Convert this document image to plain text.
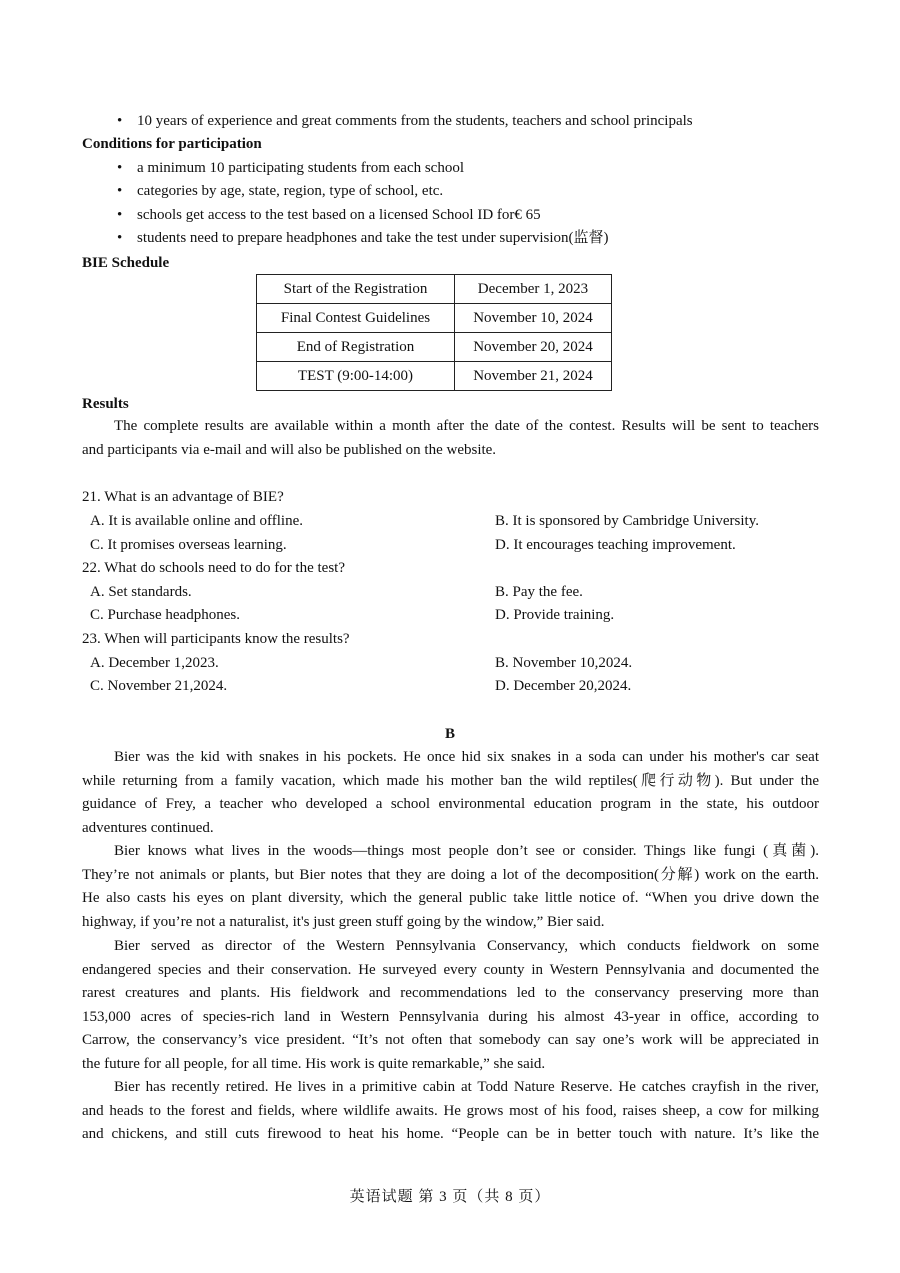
• 10 years of experience and great comments from the students, teachers and school principals
Conditions for participation
• a minimum 10 participating students from each school
• categories by age, state, region, type of school, etc.
• schools get access to the test based on a licensed School ID for€ 65
• students need to prepare headphones and take the test under supervision(监督)
BIE Schedule
Start of the Registration	December 1, 2023
Final Contest Guidelines	November 10, 2024
End of Registration	November 20, 2024
TEST (9:00-14:00)	November 21, 2024
Results
The complete results are available within a month after the date of the contest. Results will be sent to teachers
and participants via e-mail and will also be published on the website.
21. What is an advantage of BIE?
A. It is available online and offline.	B. It is sponsored by Cambridge University.
C. It promises overseas learning.	D. It encourages teaching improvement.
22. What do schools need to do for the test?
A. Set standards.	B. Pay the fee.
C. Purchase headphones.	D. Provide training.
23. When will participants know the results?
A. December 1,2023.	B. November 10,2024.
C. November 21,2024.	D. December 20,2024.
B
Bier was the kid with snakes in his pockets. He once hid six snakes in a soda can under his mother's car seat
while returning from a family vacation, which made his mother ban the wild reptiles(爬行动物). But under the
guidance of Frey, a teacher who developed a school environmental education program in the state, his outdoor
adventures continued.
Bier knows what lives in the woods—things most people don’t see or consider. Things like fungi (真菌).
They’re not animals or plants, but Bier notes that they are doing a lot of the decomposition(分解) work on the earth.
He also casts his eyes on plant diversity, which the general public take little notice of. “When you drive down the
highway, if you’re not a naturalist, it's just green stuff going by the window,” Bier said.
Bier served as director of the Western Pennsylvania Conservancy, which conducts fieldwork on some
endangered species and their conservation. He surveyed every county in Western Pennsylvania and documented the
rarest creatures and plants. His fieldwork and recommendations led to the conservancy preserving more than
153,000 acres of species-rich land in Western Pennsylvania during his almost 43-year in office, according to
Carrow, the conservancy’s vice president. “It’s not often that somebody can say one’s work will be appreciated in
the future for all people, for all time. His work is quite remarkable,” she said.
Bier has recently retired. He lives in a primitive cabin at Todd Nature Reserve. He catches crayfish in the river,
and heads to the forest and fields, where wildlife awaits. He grows most of his food, raises sheep, a cow for milking
and chickens, and still cuts firewood to heat his home. “People can be in better touch with nature. It’s like the
英语试题 第 3 页（共 8 页）
